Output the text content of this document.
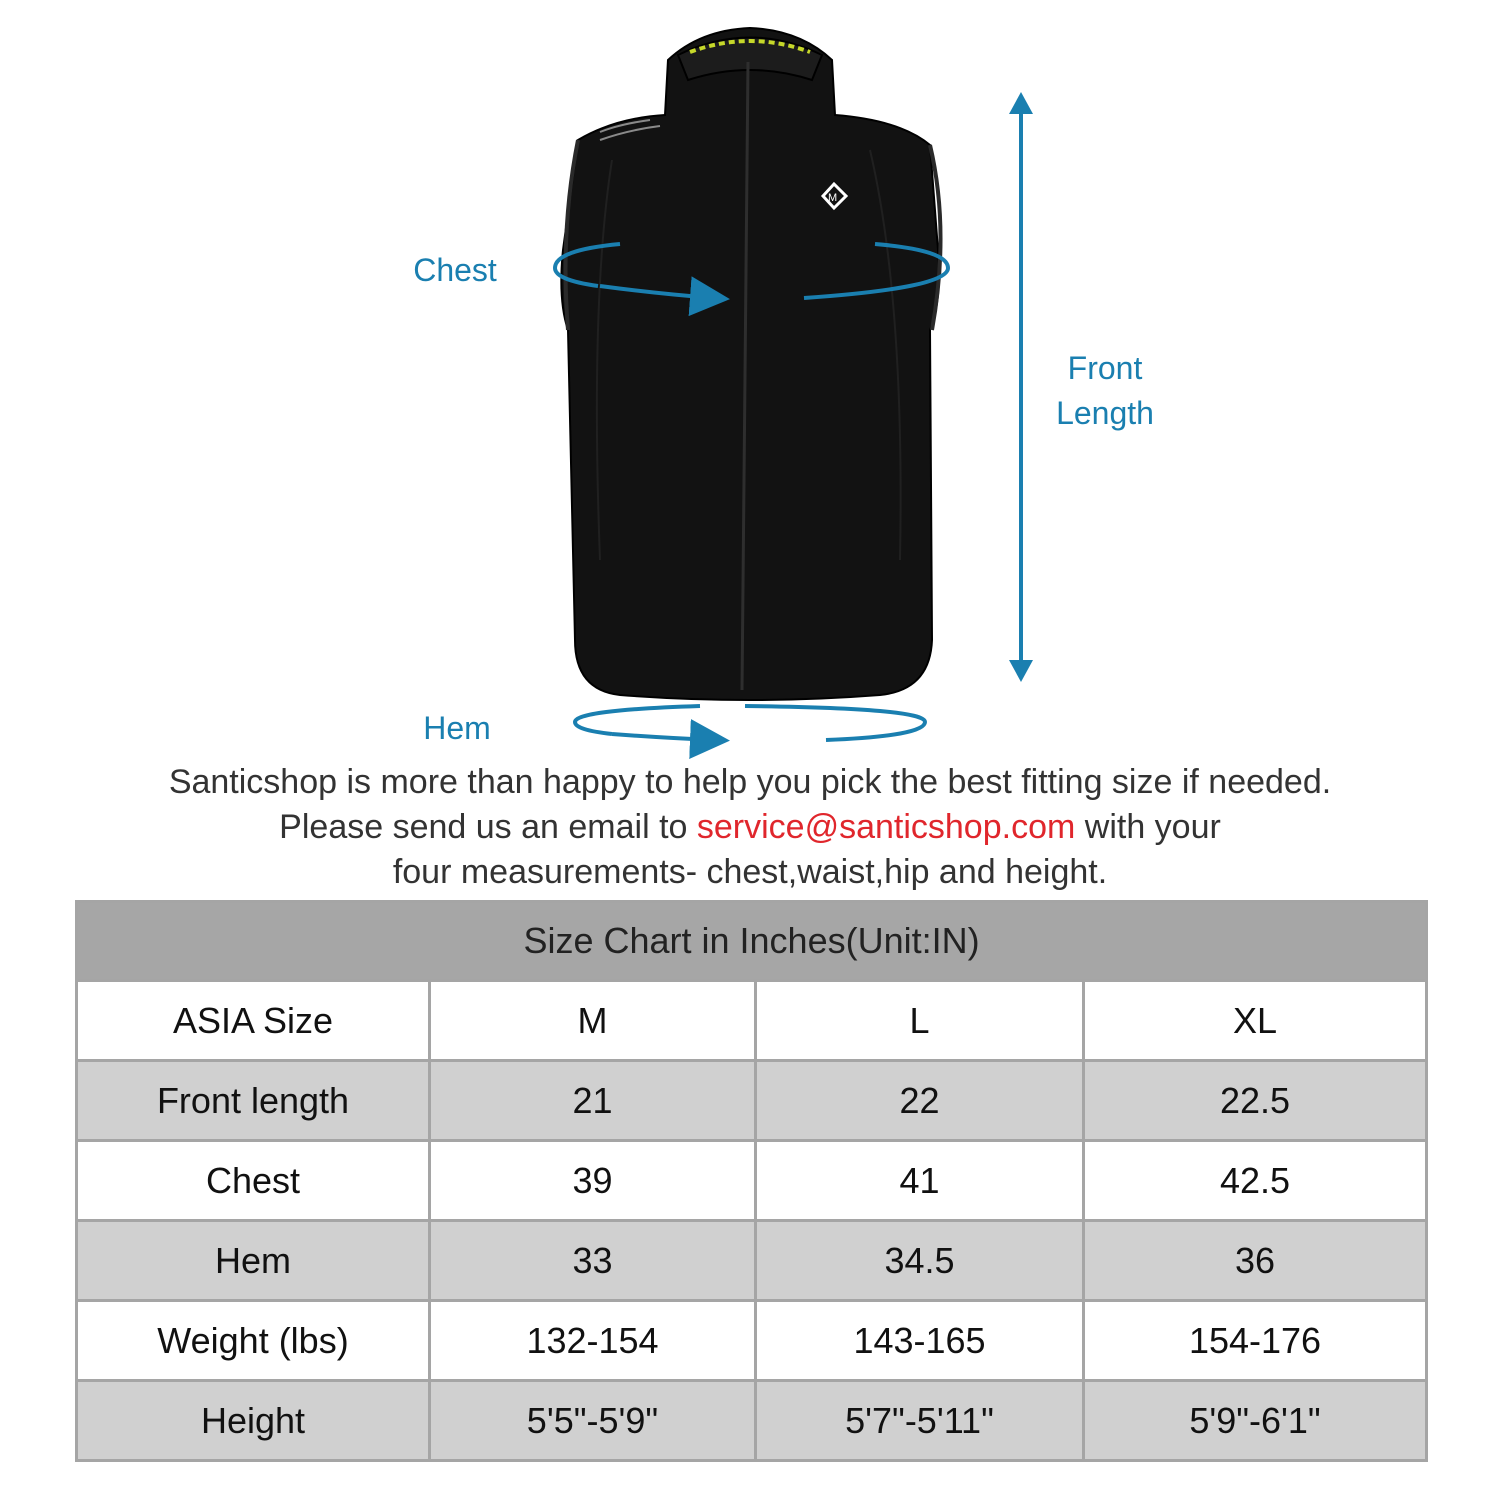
M
Chest
Front
Length
Hem
Santicshop is more than happy to help you pick the best fitting size if needed.
Please send us an email to service@santicshop.com with your
four measurements- chest,waist,hip and height.
Size Chart in Inches(Unit:IN)			
ASIA Size	M	L	XL
Front length	21	22	22.5
Chest	39	41	42.5
Hem	33	34.5	36
Weight (lbs)	132-154	143-165	154-176
Height	5'5"-5'9"	5'7"-5'11"	5'9"-6'1"
